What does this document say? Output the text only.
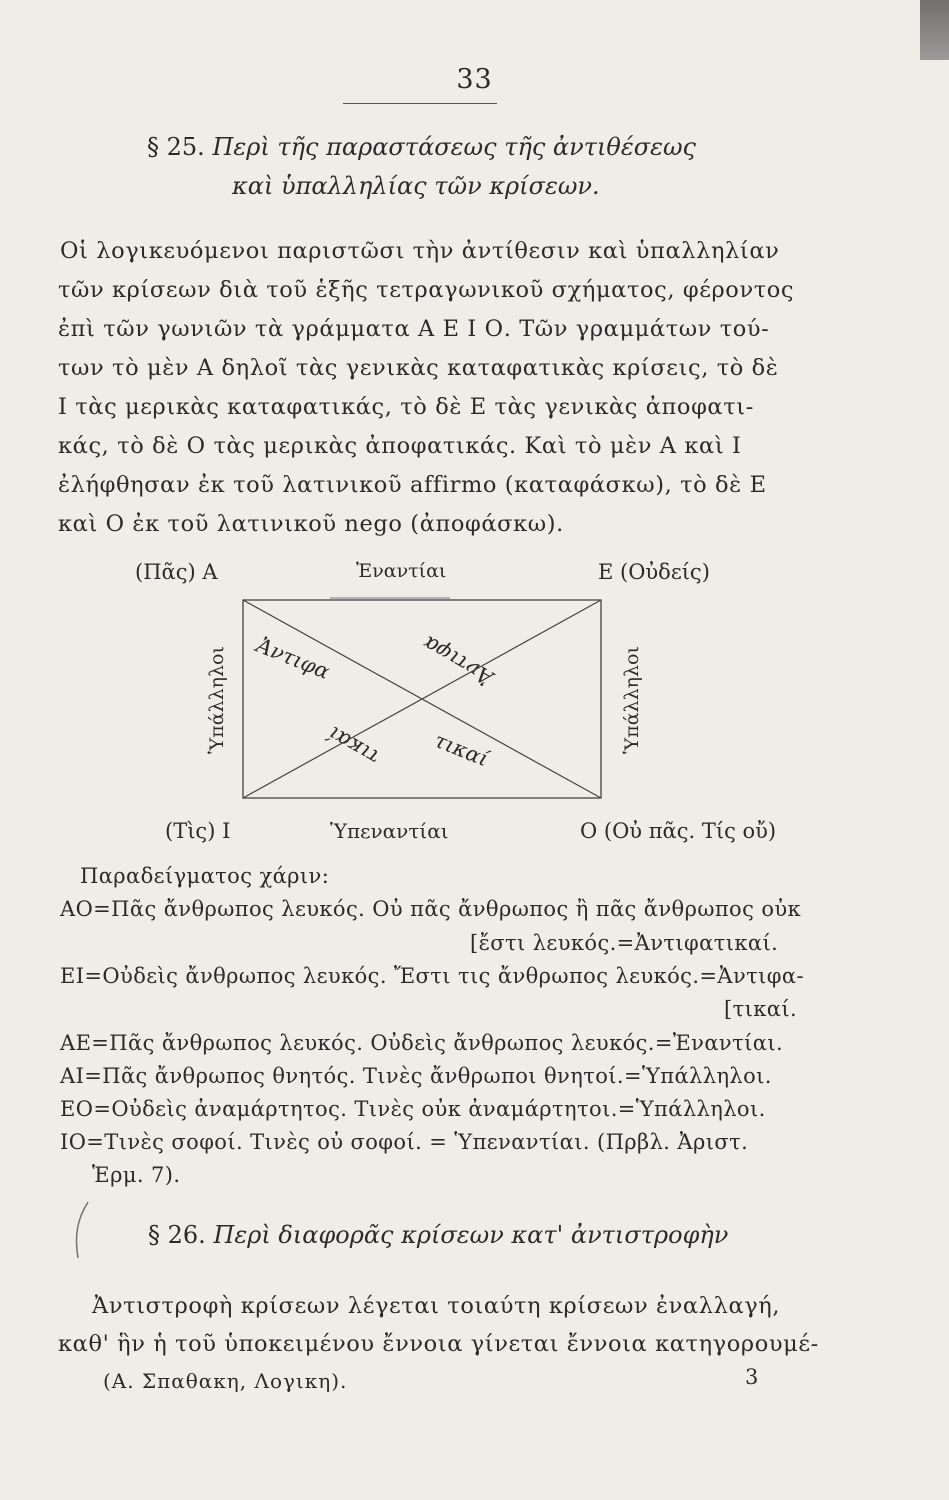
33
§ 25. Περὶ τῆς παραστάσεως τῆς ἀντιθέσεως
καὶ ὑπαλληλίας τῶν κρίσεων.
Οἱ λογικευόμενοι παριστῶσι τὴν ἀντίθεσιν καὶ ὑπαλληλίαν
τῶν κρίσεων διὰ τοῦ ἑξῆς τετραγωνικοῦ σχήματος, φέροντος
ἐπὶ τῶν γωνιῶν τὰ γράμματα Α Ε Ι Ο. Τῶν γραμμάτων τού-
των τὸ μὲν Α δηλοῖ τὰς γενικὰς καταφατικὰς κρίσεις, τὸ δὲ
Ι τὰς μερικὰς καταφατικάς, τὸ δὲ Ε τὰς γενικὰς ἀποφατι-
κάς, τὸ δὲ Ο τὰς μερικὰς ἀποφατικάς. Καὶ τὸ μὲν Α καὶ Ι
ἐλήφθησαν ἐκ τοῦ λατινικοῦ affirmo (καταφάσκω), τὸ δὲ Ε
καὶ Ο ἐκ τοῦ λατινικοῦ nego (ἀποφάσκω).
(Πᾶς) Α	Ἐναντίαι	Ε (Οὐδείς)
(Τὶς) Ι	Ὑπεναντίαι	Ο (Οὐ πᾶς. Τίς οὔ)
Ὑπάλληλοι	Ὑπάλληλοι
Ἀντιφα
τικαί
Ἀντιφα
τικαί
Παραδείγματος χάριν:
ΑΟ=Πᾶς ἄνθρωπος λευκός. Οὐ πᾶς ἄνθρωπος ἢ πᾶς ἄνθρωπος οὐκ
[ἔστι λευκός.=Ἀντιφατικαί.
ΕΙ=Οὐδεὶς ἄνθρωπος λευκός. Ἔστι τις ἄνθρωπος λευκός.=Ἀντιφα-
[τικαί.
ΑΕ=Πᾶς ἄνθρωπος λευκός. Οὐδεὶς ἄνθρωπος λευκός.=Ἐναντίαι.
ΑΙ=Πᾶς ἄνθρωπος θνητός. Τινὲς ἄνθρωποι θνητοί.=Ὑπάλληλοι.
ΕΟ=Οὐδεὶς ἀναμάρτητος. Τινὲς οὐκ ἀναμάρτητοι.=Ὑπάλληλοι.
ΙΟ=Τινὲς σοφοί. Τινὲς οὐ σοφοί. = Ὑπεναντίαι. (Πρβλ. Ἀριστ.
Ἑρμ. 7).
§ 26. Περὶ διαφορᾶς κρίσεων κατ' ἀντιστροφὴν
Ἀντιστροφὴ κρίσεων λέγεται τοιαύτη κρίσεων ἐναλλαγή,
καθ' ἣν ἡ τοῦ ὑποκειμένου ἔννοια γίνεται ἔννοια κατηγορουμέ-
(Α. Σπαθακη, Λογικη).	3
